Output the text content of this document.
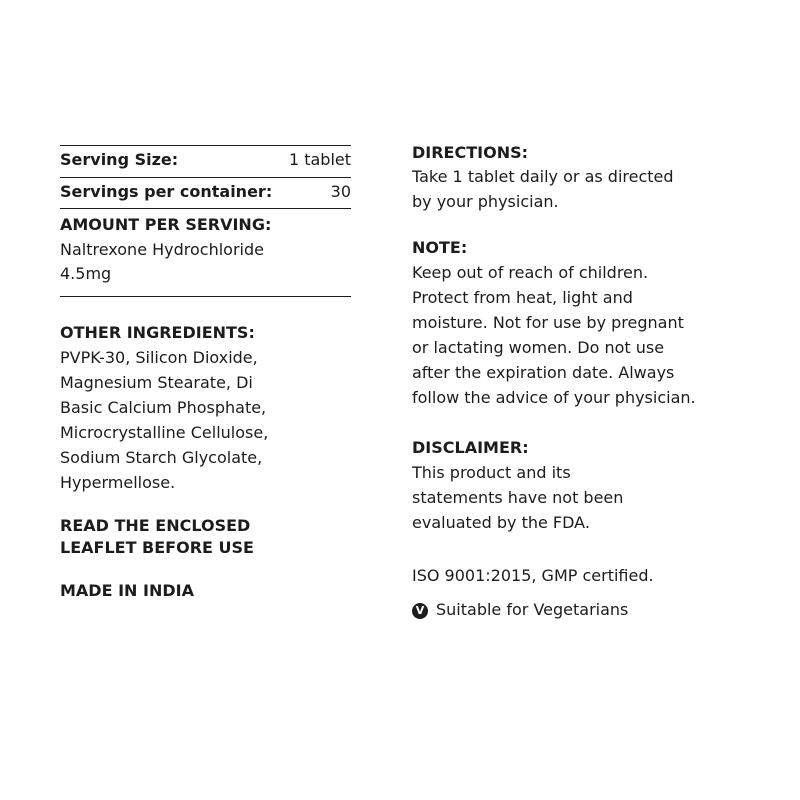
Serving Size:	1 tablet
Servings per container:	30
AMOUNT PER SERVING:
Naltrexone Hydrochloride
4.5mg
OTHER INGREDIENTS:
PVPK-30, Silicon Dioxide,
Magnesium Stearate, Di
Basic Calcium Phosphate,
Microcrystalline Cellulose,
Sodium Starch Glycolate,
Hypermellose.
READ THE ENCLOSED
LEAFLET BEFORE USE
MADE IN INDIA
DIRECTIONS:
Take 1 tablet daily or as directed
by your physician.
NOTE:
Keep out of reach of children.
Protect from heat, light and
moisture. Not for use by pregnant
or lactating women. Do not use
after the expiration date. Always
follow the advice of your physician.
DISCLAIMER:
This product and its
statements have not been
evaluated by the FDA.
ISO 9001:2015, GMP certified.
V Suitable for Vegetarians
